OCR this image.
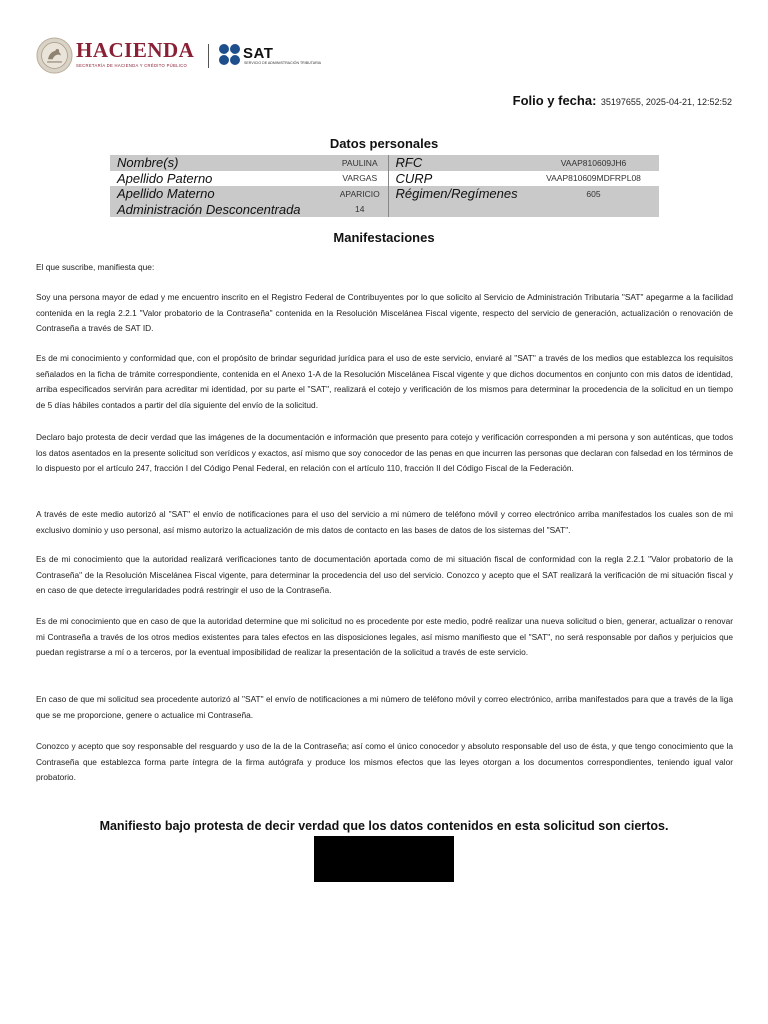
HACIENDA
SECRETARÍA DE HACIENDA Y CRÉDITO PÚBLICO
SAT
SERVICIO DE ADMINISTRACIÓN TRIBUTARIA
Folio y fecha: 35197655, 2025-04-21, 12:52:52
Datos personales
Nombre(s)	PAULINA	RFC	VAAP810609JH6
Apellido Paterno	VARGAS	CURP	VAAP810609MDFRPL08
Apellido Materno	APARICIO	Régimen/Regímenes	605
Administración Desconcentrada	14		
Manifestaciones
El que suscribe, manifiesta que:
Soy una persona mayor de edad y me encuentro inscrito en el Registro Federal de Contribuyentes por lo que solicito al Servicio de Administración Tributaria "SAT" apegarme a la facilidad contenida en la regla 2.2.1 "Valor probatorio de la Contraseña" contenida en la Resolución Miscelánea Fiscal vigente, respecto del servicio de generación, actualización o renovación de Contraseña a través de SAT ID.
Es de mi conocimiento y conformidad que, con el propósito de brindar seguridad jurídica para el uso de este servicio, enviaré al "SAT" a través de los medios que establezca los requisitos señalados en la ficha de trámite correspondiente, contenida en el Anexo 1-A de la Resolución Miscelánea Fiscal vigente y que dichos documentos en conjunto con mis datos de identidad, arriba especificados servirán para acreditar mi identidad, por su parte el "SAT", realizará el cotejo y verificación de los mismos para determinar la procedencia de la solicitud en un tiempo de 5 días hábiles contados a partir del día siguiente del envío de la solicitud.
Declaro bajo protesta de decir verdad que las imágenes de la documentación e información que presento para cotejo y verificación corresponden a mi persona y son auténticas, que todos los datos asentados en la presente solicitud son verídicos y exactos, así mismo que soy conocedor de las penas en que incurren las personas que declaran con falsedad en los términos de lo dispuesto por el artículo 247, fracción I del Código Penal Federal, en relación con el artículo 110, fracción II del Código Fiscal de la Federación.
A través de este medio autorizó al "SAT" el envío de notificaciones para el uso del servicio a mi número de teléfono móvil y correo electrónico arriba manifestados los cuales son de mi exclusivo dominio y uso personal, así mismo autorizo la actualización de mis datos de contacto en las bases de datos de los sistemas del "SAT".
Es de mi conocimiento que la autoridad realizará verificaciones tanto de documentación aportada como de mi situación fiscal de conformidad con la regla 2.2.1 "Valor probatorio de la Contraseña" de la Resolución Miscelánea Fiscal vigente, para determinar la procedencia del uso del servicio. Conozco y acepto que el SAT realizará la verificación de mi situación fiscal y en caso de que detecte irregularidades podrá restringir el uso de la Contraseña.
Es de mi conocimiento que en caso de que la autoridad determine que mi solicitud no es procedente por este medio, podré realizar una nueva solicitud o bien, generar, actualizar o renovar mi Contraseña a través de los otros medios existentes para tales efectos en las disposiciones legales, así mismo manifiesto que el "SAT", no será responsable por daños y perjuicios que puedan registrarse a mí o a terceros, por la eventual imposibilidad de realizar la presentación de la solicitud a través de este servicio.
En caso de que mi solicitud sea procedente autorizó al "SAT" el envío de notificaciones a mi número de teléfono móvil y correo electrónico, arriba manifestados para que a través de la liga que se me proporcione, genere o actualice mi Contraseña.
Conozco y acepto que soy responsable del resguardo y uso de la de la Contraseña; así como el único conocedor y absoluto responsable del uso de ésta, y que tengo conocimiento que la Contraseña que establezca forma parte íntegra de la firma autógrafa y produce los mismos efectos que las leyes otorgan a los documentos correspondientes, teniendo igual valor probatorio.
Manifiesto bajo protesta de decir verdad que los datos contenidos en esta solicitud son ciertos.
